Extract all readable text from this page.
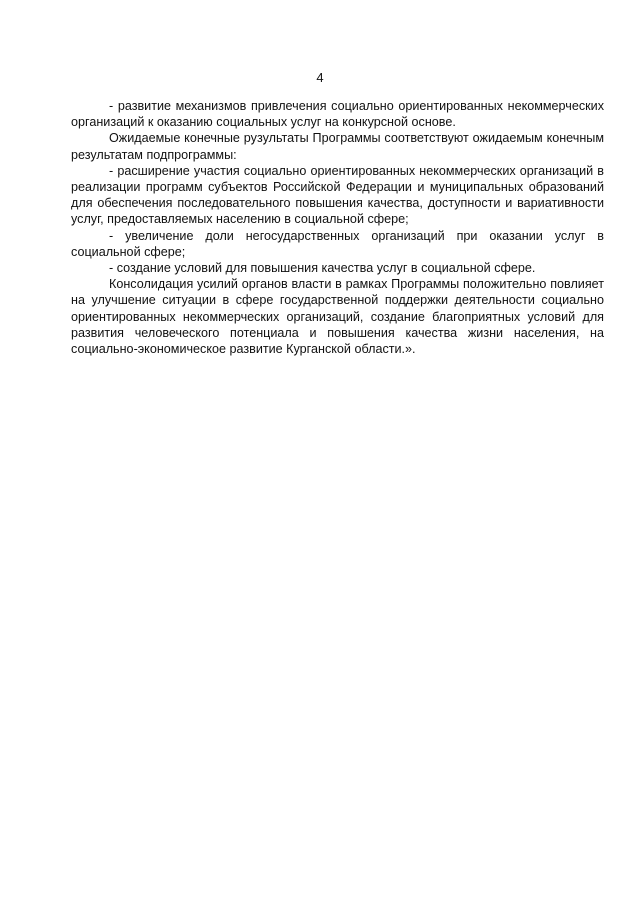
4

- развитие механизмов привлечения социально ориентированных некоммерческих организаций к оказанию социальных услуг на конкурсной основе.

Ожидаемые конечные рузультаты Программы соответствуют ожидаемым конечным результатам подпрограммы:

- расширение участия социально ориентированных некоммерческих организаций в реализации программ субъектов Российской Федерации и муниципальных образований для обеспечения последовательного повышения качества, доступности и вариативности услуг, предоставляемых населению в социальной сфере;

- увеличение доли негосударственных организаций при оказании услуг в социальной сфере;

- создание условий для повышения качества услуг в социальной сфере.

Консолидация усилий органов власти в рамках Программы положительно повлияет на улучшение ситуации в сфере государственной поддержки деятельности социально ориентированных некоммерческих организаций, создание благоприятных условий для развития человеческого потенциала и повышения качества жизни населения, на социально-экономическое развитие Курганской области.».
